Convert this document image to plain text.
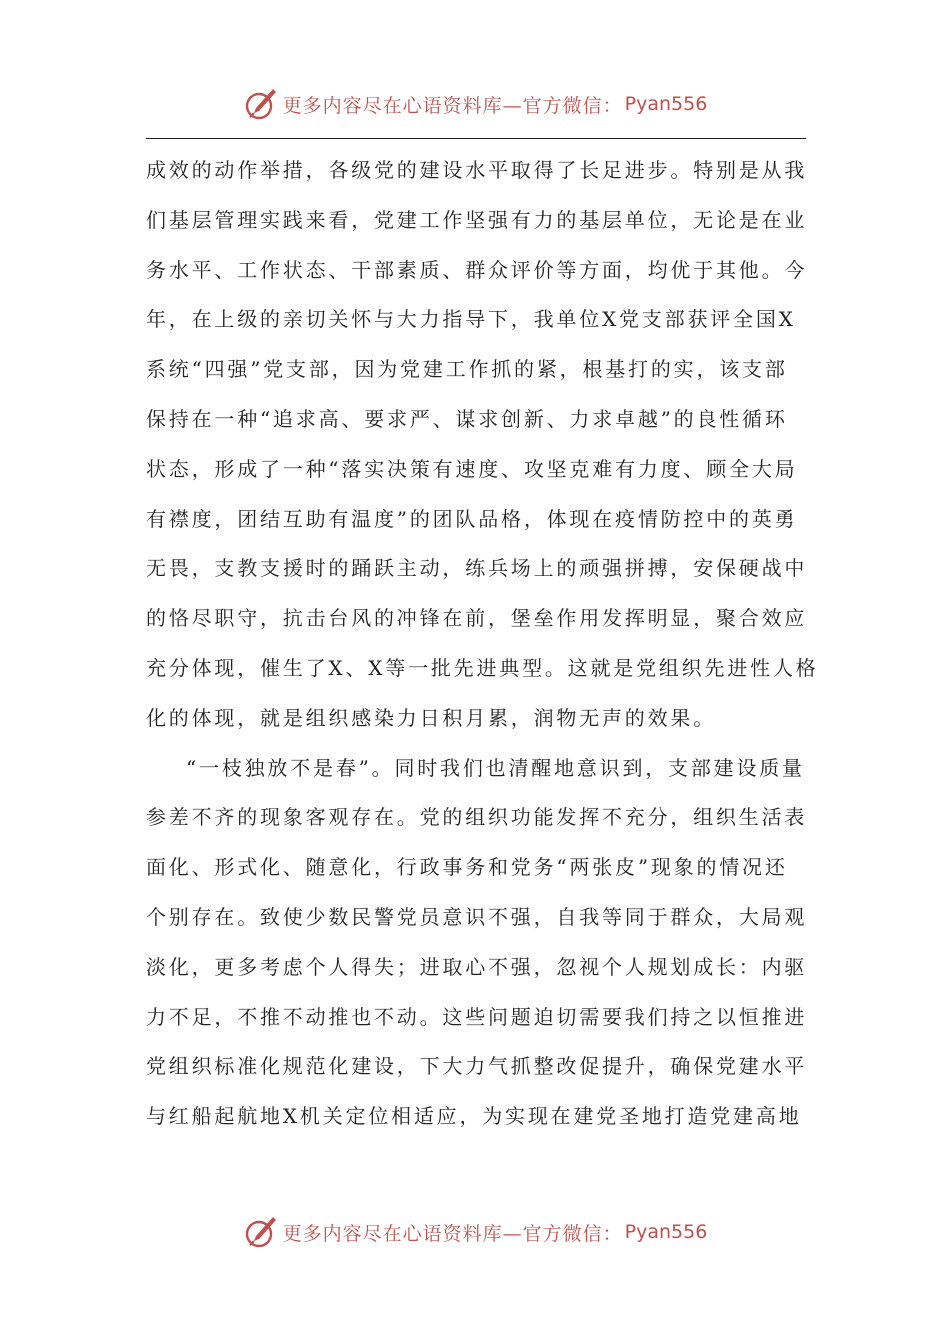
更多内容尽在心语资料库—官方微信： Pyan556

成效的动作举措，各级党的建设水平取得了长足进步。特别是从我
们基层管理实践来看，党建工作坚强有力的基层单位，无论是在业
务水平、工作状态、干部素质、群众评价等方面，均优于其他。今
年，在上级的亲切关怀与大力指导下，我单位X党支部获评全国X
系统“四强”党支部，因为党建工作抓的紧，根基打的实，该支部
保持在一种“追求高、要求严、谋求创新、力求卓越”的良性循环
状态，形成了一种“落实决策有速度、攻坚克难有力度、顾全大局
有襟度，团结互助有温度”的团队品格，体现在疫情防控中的英勇
无畏，支教支援时的踊跃主动，练兵场上的顽强拼搏，安保硬战中
的恪尽职守，抗击台风的冲锋在前，堡垒作用发挥明显，聚合效应
充分体现，催生了X、X等一批先进典型。这就是党组织先进性人格
化的体现，就是组织感染力日积月累，润物无声的效果。

“一枝独放不是春”。同时我们也清醒地意识到，支部建设质量
参差不齐的现象客观存在。党的组织功能发挥不充分，组织生活表
面化、形式化、随意化，行政事务和党务“两张皮”现象的情况还
个别存在。致使少数民警党员意识不强，自我等同于群众，大局观
淡化，更多考虑个人得失；进取心不强，忽视个人规划成长：内驱
力不足，不推不动推也不动。这些问题迫切需要我们持之以恒推进
党组织标准化规范化建设，下大力气抓整改促提升，确保党建水平
与红船起航地X机关定位相适应，为实现在建党圣地打造党建高地

更多内容尽在心语资料库—官方微信： Pyan556
